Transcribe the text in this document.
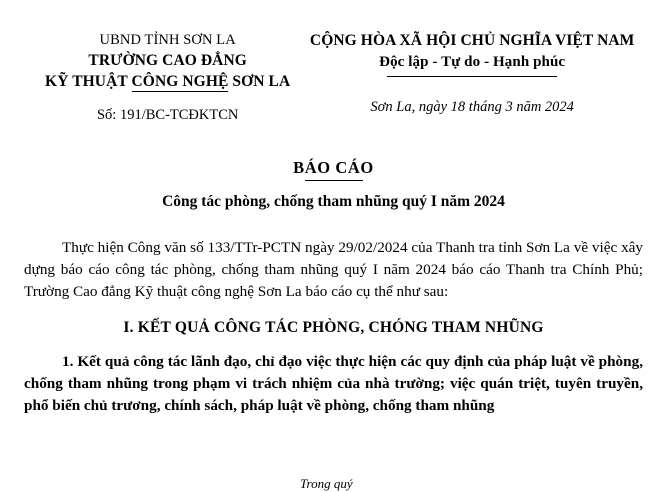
UBND TỈNH SƠN LA
TRƯỜNG CAO ĐẲNG
KỸ THUẬT CÔNG NGHỆ SƠN LA
Số: 191/BC-TCĐKTCN
CỘNG HÒA XÃ HỘI CHỦ NGHĨA VIỆT NAM
Độc lập - Tự do - Hạnh phúc
Sơn La, ngày 18 tháng 3 năm 2024
BÁO CÁO
Công tác phòng, chống tham nhũng quý I năm 2024

Thực hiện Công văn số 133/TTr-PCTN ngày 29/02/2024 của Thanh tra tỉnh Sơn La về việc xây dựng báo cáo công tác phòng, chống tham nhũng quý I năm 2024 báo cáo Thanh tra Chính Phủ; Trường Cao đẳng Kỹ thuật công nghệ Sơn La báo cáo cụ thể như sau:

I. KẾT QUẢ CÔNG TÁC PHÒNG, CHÓNG THAM NHŨNG

1. Kết quả công tác lãnh đạo, chỉ đạo việc thực hiện các quy định của pháp luật về phòng, chống tham nhũng trong phạm vi trách nhiệm của nhà trường; việc quán triệt, tuyên truyền, phổ biến chủ trương, chính sách, pháp luật về phòng, chống tham nhũng

Trong quý
